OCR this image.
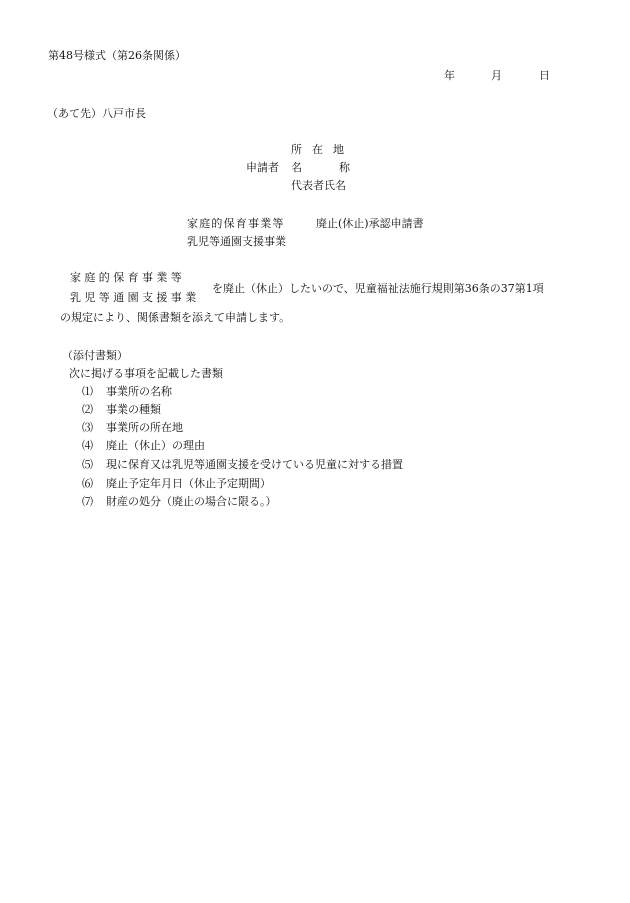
第48号様式（第26条関係）
年	月	日
（あて先）八戸市長
申請者
所在地
名称
代表者氏名
家庭的保育事業等	廃止(休止)承認申請書
乳児等通園支援事業
家庭的保育事業等
乳児等通園支援事業
を廃止（休止）したいので、児童福祉法施行規則第36条の37第1項
の規定により、関係書類を添えて申請します。
（添付書類）
次に掲げる事項を記載した書類
⑴ 事業所の名称
⑵ 事業の種類
⑶ 事業所の所在地
⑷ 廃止（休止）の理由
⑸ 現に保育又は乳児等通園支援を受けている児童に対する措置
⑹ 廃止予定年月日（休止予定期間）
⑺ 財産の処分（廃止の場合に限る。）
